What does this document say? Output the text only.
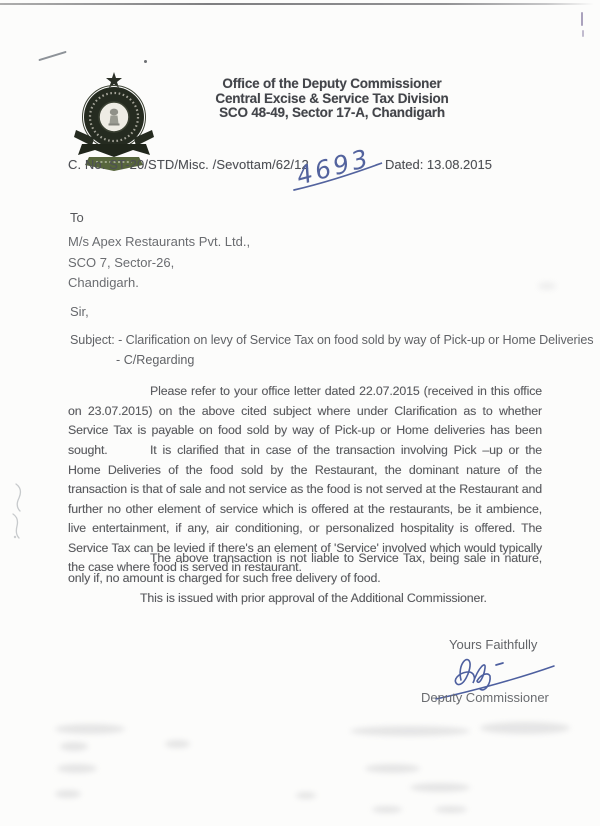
Office of the Deputy Commissioner
Central Excise & Service Tax Division
SCO 48-49, Sector 17-A, Chandigarh
C. No. ST-20/STD/Misc. /Sevottam/62/12	Dated: 13.08.2015
4693
To
M/s Apex Restaurants Pvt. Ltd.,
SCO 7, Sector-26,
Chandigarh.
Sir,
Subject: - Clarification on levy of Service Tax on food sold by way of Pick-up or Home Deliveries
- C/Regarding
Please refer to your office letter dated 22.07.2015 (received in this office on 23.07.2015) on the above cited subject where under Clarification as to whether Service Tax is payable on food sold by way of Pick-up or Home deliveries has been sought.	It is clarified that in case of the transaction involving Pick –up or the Home Deliveries of the food sold by the Restaurant, the dominant nature of the transaction is that of sale and not service as the food is not served at the Restaurant and further no other element of service which is offered at the restaurants, be it ambience, live entertainment, if any, air conditioning, or personalized hospitality is offered. The Service Tax can be levied if there's an element of 'Service' involved which would typically the case where food is served in restaurant.
The above transaction is not liable to Service Tax, being sale in nature, only if, no amount is charged for such free delivery of food.
This is issued with prior approval of the Additional Commissioner.
Yours Faithfully
Deputy Commissioner
